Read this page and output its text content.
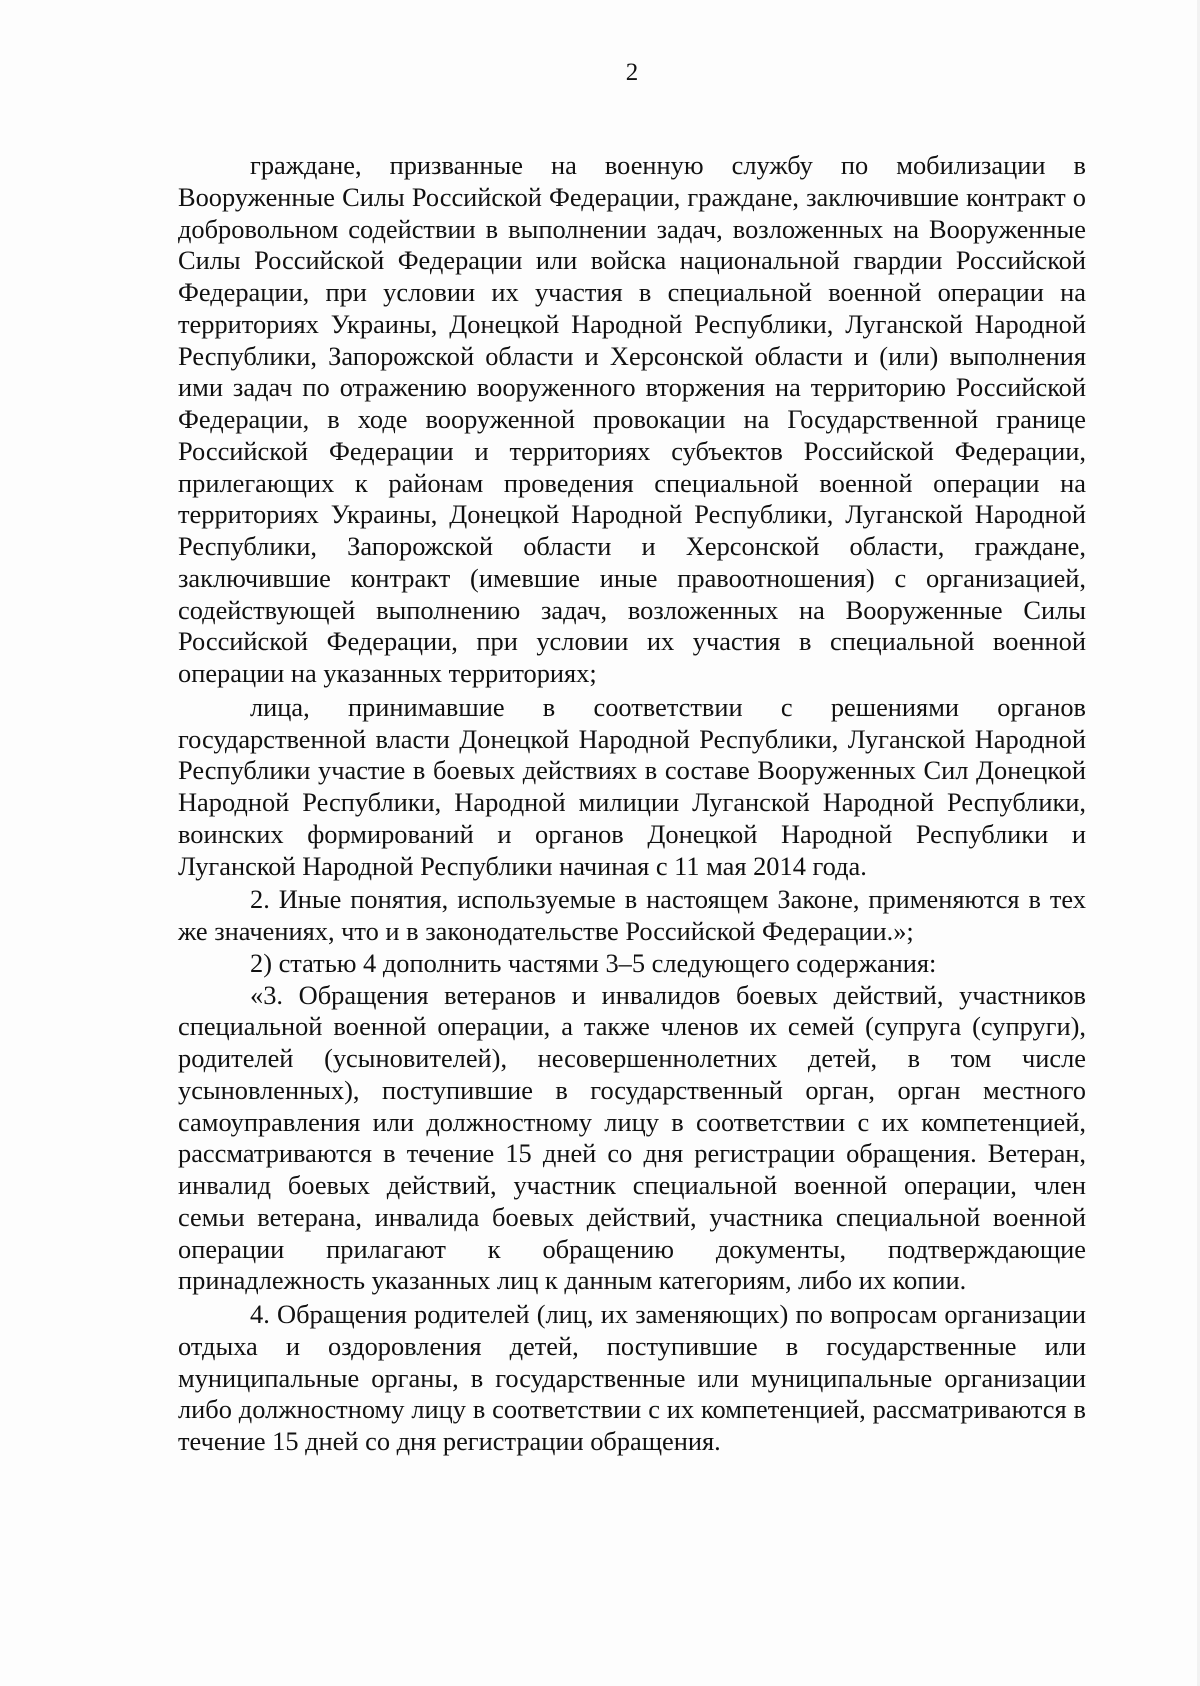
2

граждане, призванные на военную службу по мобилизации в Вооруженные Силы Российской Федерации, граждане, заключившие контракт о добровольном содействии в выполнении задач, возложенных на Вооруженные Силы Российской Федерации или войска национальной гвардии Российской Федерации, при условии их участия в специальной военной операции на территориях Украины, Донецкой Народной Республики, Луганской Народной Республики, Запорожской области и Херсонской области и (или) выполнения ими задач по отражению вооруженного вторжения на территорию Российской Федерации, в ходе вооруженной провокации на Государственной границе Российской Федерации и территориях субъектов Российской Федерации, прилегающих к районам проведения специальной военной операции на территориях Украины, Донецкой Народной Республики, Луганской Народной Республики, Запорожской области и Херсонской области, граждане, заключившие контракт (имевшие иные правоотношения) с организацией, содействующей выполнению задач, возложенных на Вооруженные Силы Российской Федерации, при условии их участия в специальной военной операции на указанных территориях;

лица, принимавшие в соответствии с решениями органов государственной власти Донецкой Народной Республики, Луганской Народной Республики участие в боевых действиях в составе Вооруженных Сил Донецкой Народной Республики, Народной милиции Луганской Народной Республики, воинских формирований и органов Донецкой Народной Республики и Луганской Народной Республики начиная с 11 мая 2014 года.

2. Иные понятия, используемые в настоящем Законе, применяются в тех же значениях, что и в законодательстве Российской Федерации.»;

2) статью 4 дополнить частями 3–5 следующего содержания:

«3. Обращения ветеранов и инвалидов боевых действий, участников специальной военной операции, а также членов их семей (супруга (супруги), родителей (усыновителей), несовершеннолетних детей, в том числе усыновленных), поступившие в государственный орган, орган местного самоуправления или должностному лицу в соответствии с их компетенцией, рассматриваются в течение 15 дней со дня регистрации обращения. Ветеран, инвалид боевых действий, участник специальной военной операции, член семьи ветерана, инвалида боевых действий, участника специальной военной операции прилагают к обращению документы, подтверждающие принадлежность указанных лиц к данным категориям, либо их копии.

4. Обращения родителей (лиц, их заменяющих) по вопросам организации отдыха и оздоровления детей, поступившие в государственные или муниципальные органы, в государственные или муниципальные организации либо должностному лицу в соответствии с их компетенцией, рассматриваются в течение 15 дней со дня регистрации обращения.
